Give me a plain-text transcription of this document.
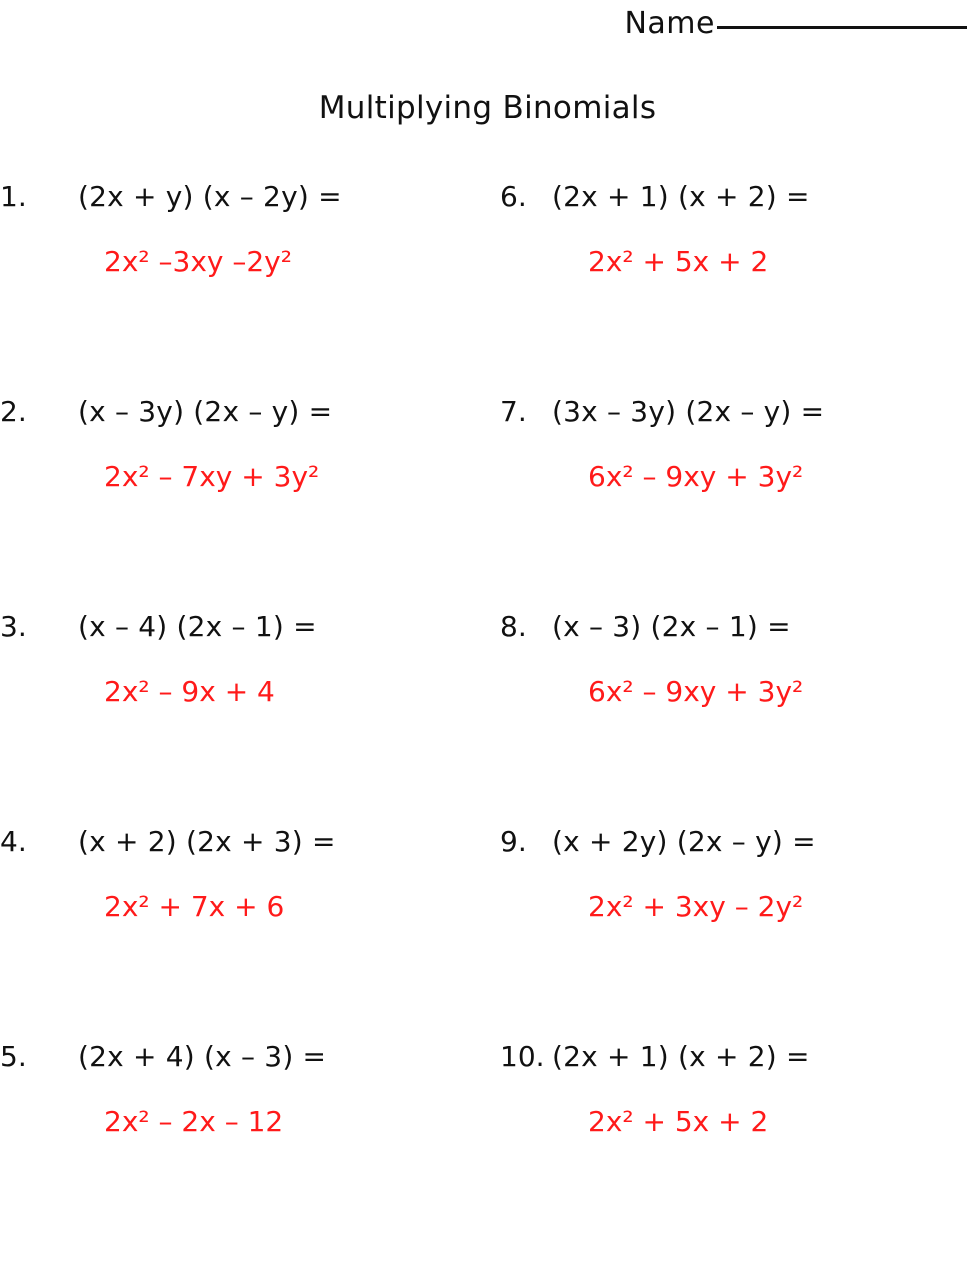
Name
Multiplying Binomials
1. (2x + y) (x – 2y) =
2x² –3xy –2y²
6. (2x + 1) (x + 2) =
2x² + 5x + 2
2. (x – 3y) (2x – y) =
2x² – 7xy + 3y²
7. (3x – 3y) (2x – y) =
6x² – 9xy + 3y²
3. (x – 4) (2x – 1) =
2x² – 9x + 4
8. (x – 3) (2x – 1) =
6x² – 9xy + 3y²
4. (x + 2) (2x + 3) =
2x² + 7x + 6
9. (x + 2y) (2x – y) =
2x² + 3xy – 2y²
5. (2x + 4) (x – 3) =
2x² – 2x – 12
10. (2x + 1) (x + 2) =
2x² + 5x + 2
